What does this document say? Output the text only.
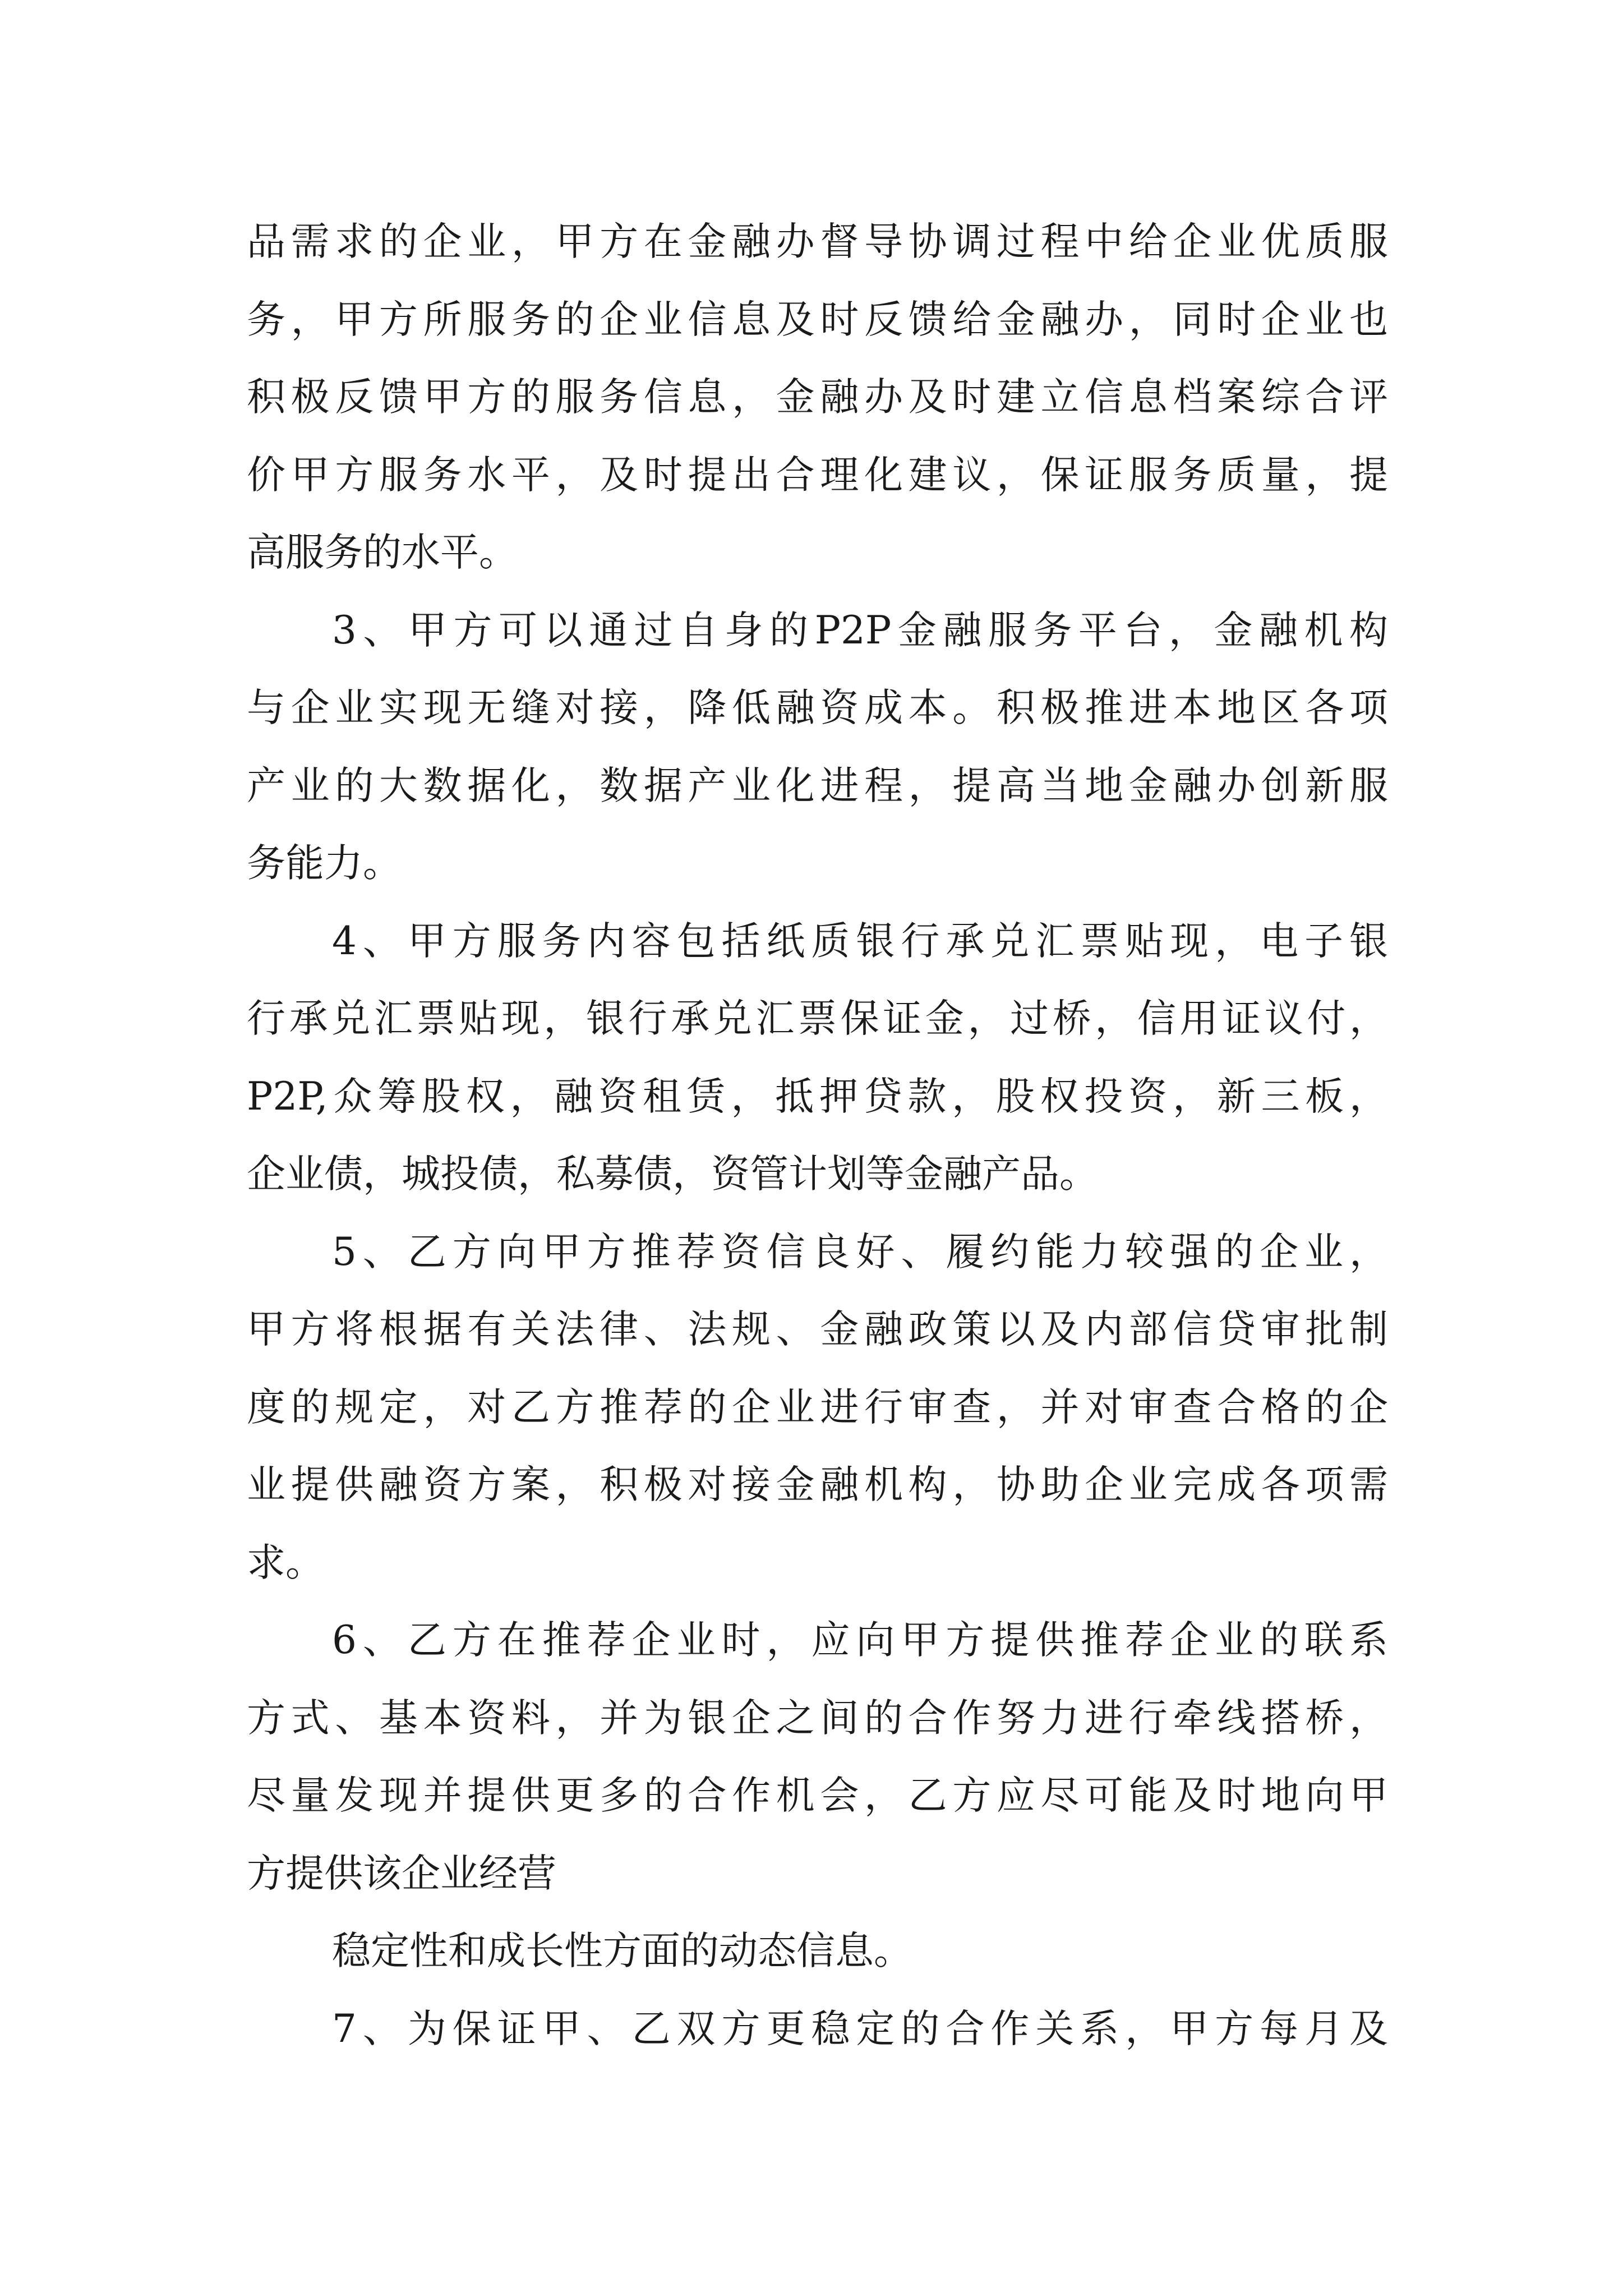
品需求的企业，甲方在金融办督导协调过程中给企业优质服
务，甲方所服务的企业信息及时反馈给金融办，同时企业也
积极反馈甲方的服务信息，金融办及时建立信息档案综合评
价甲方服务水平，及时提出合理化建议，保证服务质量，提
高服务的水平。
3、甲方可以通过自身的P2P金融服务平台，金融机构
与企业实现无缝对接，降低融资成本。积极推进本地区各项
产业的大数据化，数据产业化进程，提高当地金融办创新服
务能力。
4、甲方服务内容包括纸质银行承兑汇票贴现，电子银
行承兑汇票贴现，银行承兑汇票保证金，过桥，信用证议付，
P2P,众筹股权，融资租赁，抵押贷款，股权投资，新三板，
企业债，城投债，私募债，资管计划等金融产品。
5、乙方向甲方推荐资信良好、履约能力较强的企业，
甲方将根据有关法律、法规、金融政策以及内部信贷审批制
度的规定，对乙方推荐的企业进行审查，并对审查合格的企
业提供融资方案，积极对接金融机构，协助企业完成各项需
求。
6、乙方在推荐企业时，应向甲方提供推荐企业的联系
方式、基本资料，并为银企之间的合作努力进行牵线搭桥，
尽量发现并提供更多的合作机会，乙方应尽可能及时地向甲
方提供该企业经营
稳定性和成长性方面的动态信息。
7、为保证甲、乙双方更稳定的合作关系，甲方每月及
